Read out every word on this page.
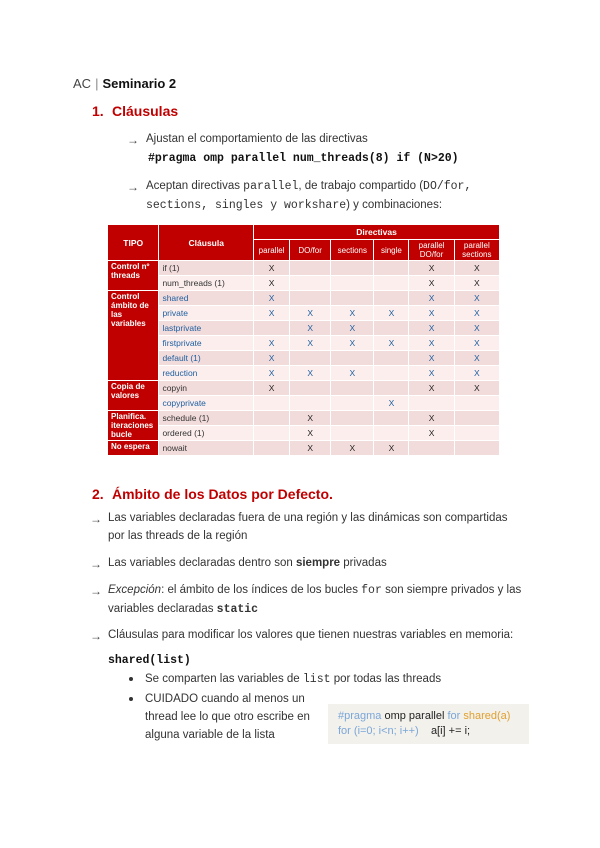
AC | Seminario 2
1. Cláusulas
→ Ajustan el comportamiento de las directivas
#pragma omp parallel num_threads(8) if (N>20)
→ Aceptan directivas parallel, de trabajo compartido (DO/for,
sections, singles y workshare) y combinaciones:
TIPO	Cláusula	Directivas					
		parallel	DO/for	sections	single	parallel DO/for	parallel sections
Control nº threads	if (1)	X				X	X
	num_threads (1)	X				X	X
Control ámbito de las variables	shared	X				X	X
	private	X	X	X	X	X	X
	lastprivate		X	X		X	X
	firstprivate	X	X	X	X	X	X
	default (1)	X				X	X
	reduction	X	X	X		X	X
Copia de valores	copyin	X				X	X
	copyprivate				X		
Planifica. iteraciones bucle	schedule (1)		X			X	
	ordered (1)		X			X	
No espera	nowait		X	X	X		
2. Ámbito de los Datos por Defecto.
→ Las variables declaradas fuera de una región y las dinámicas son compartidas
por las threads de la región
→ Las variables declaradas dentro son siempre privadas
→ Excepción: el ámbito de los índices de los bucles for son siempre privados y las
variables declaradas static
→ Cláusulas para modificar los valores que tienen nuestras variables en memoria:
shared(list)
Se comparten las variables de list por todas las threads
CUIDADO cuando al menos un
thread lee lo que otro escribe en
alguna variable de la lista
#pragma omp parallel for shared(a)
for (i=0; i<n; i++)    a[i] += i;
